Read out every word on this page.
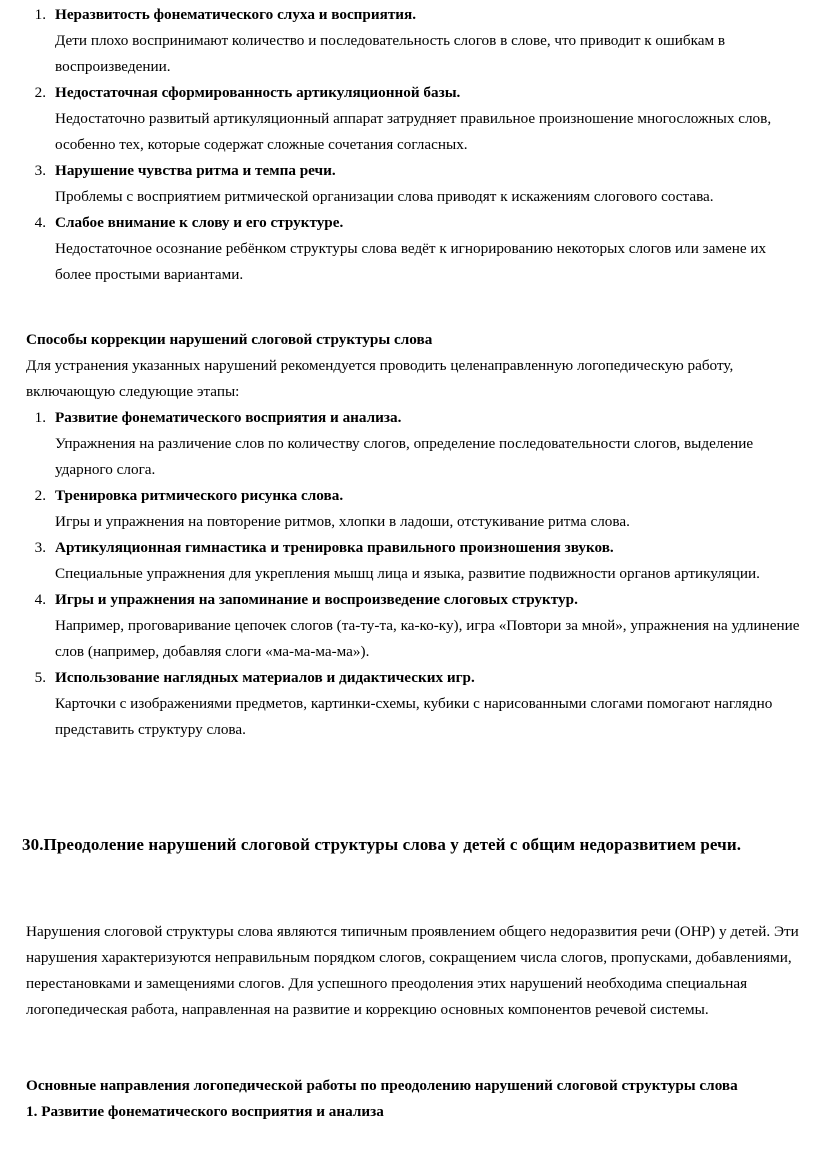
1. Неразвитость фонематического слуха и восприятия.
Дети плохо воспринимают количество и последовательность слогов в слове, что приводит к ошибкам в воспроизведении.
2. Недостаточная сформированность артикуляционной базы.
Недостаточно развитый артикуляционный аппарат затрудняет правильное произношение многосложных слов, особенно тех, которые содержат сложные сочетания согласных.
3. Нарушение чувства ритма и темпа речи.
Проблемы с восприятием ритмической организации слова приводят к искажениям слогового состава.
4. Слабое внимание к слову и его структуре.
Недостаточное осознание ребёнком структуры слова ведёт к игнорированию некоторых слогов или замене их более простыми вариантами.
Способы коррекции нарушений слоговой структуры слова
Для устранения указанных нарушений рекомендуется проводить целенаправленную логопедическую работу, включающую следующие этапы:
1. Развитие фонематического восприятия и анализа.
Упражнения на различение слов по количеству слогов, определение последовательности слогов, выделение ударного слога.
2. Тренировка ритмического рисунка слова.
Игры и упражнения на повторение ритмов, хлопки в ладоши, отстукивание ритма слова.
3. Артикуляционная гимнастика и тренировка правильного произношения звуков.
Специальные упражнения для укрепления мышц лица и языка, развитие подвижности органов артикуляции.
4. Игры и упражнения на запоминание и воспроизведение слоговых структур.
Например, проговаривание цепочек слогов (та-ту-та, ка-ко-ку), игра «Повтори за мной», упражнения на удлинение слов (например, добавляя слоги «ма-ма-ма-ма»).
5. Использование наглядных материалов и дидактических игр.
Карточки с изображениями предметов, картинки-схемы, кубики с нарисованными слогами помогают наглядно представить структуру слова.
30.Преодоление нарушений слоговой структуры слова у детей с общим недоразвитием речи.
Нарушения слоговой структуры слова являются типичным проявлением общего недоразвития речи (ОНР) у детей. Эти нарушения характеризуются неправильным порядком слогов, сокращением числа слогов, пропусками, добавлениями, перестановками и замещениями слогов. Для успешного преодоления этих нарушений необходима специальная логопедическая работа, направленная на развитие и коррекцию основных компонентов речевой системы.
Основные направления логопедической работы по преодолению нарушений слоговой структуры слова
1. Развитие фонематического восприятия и анализа
